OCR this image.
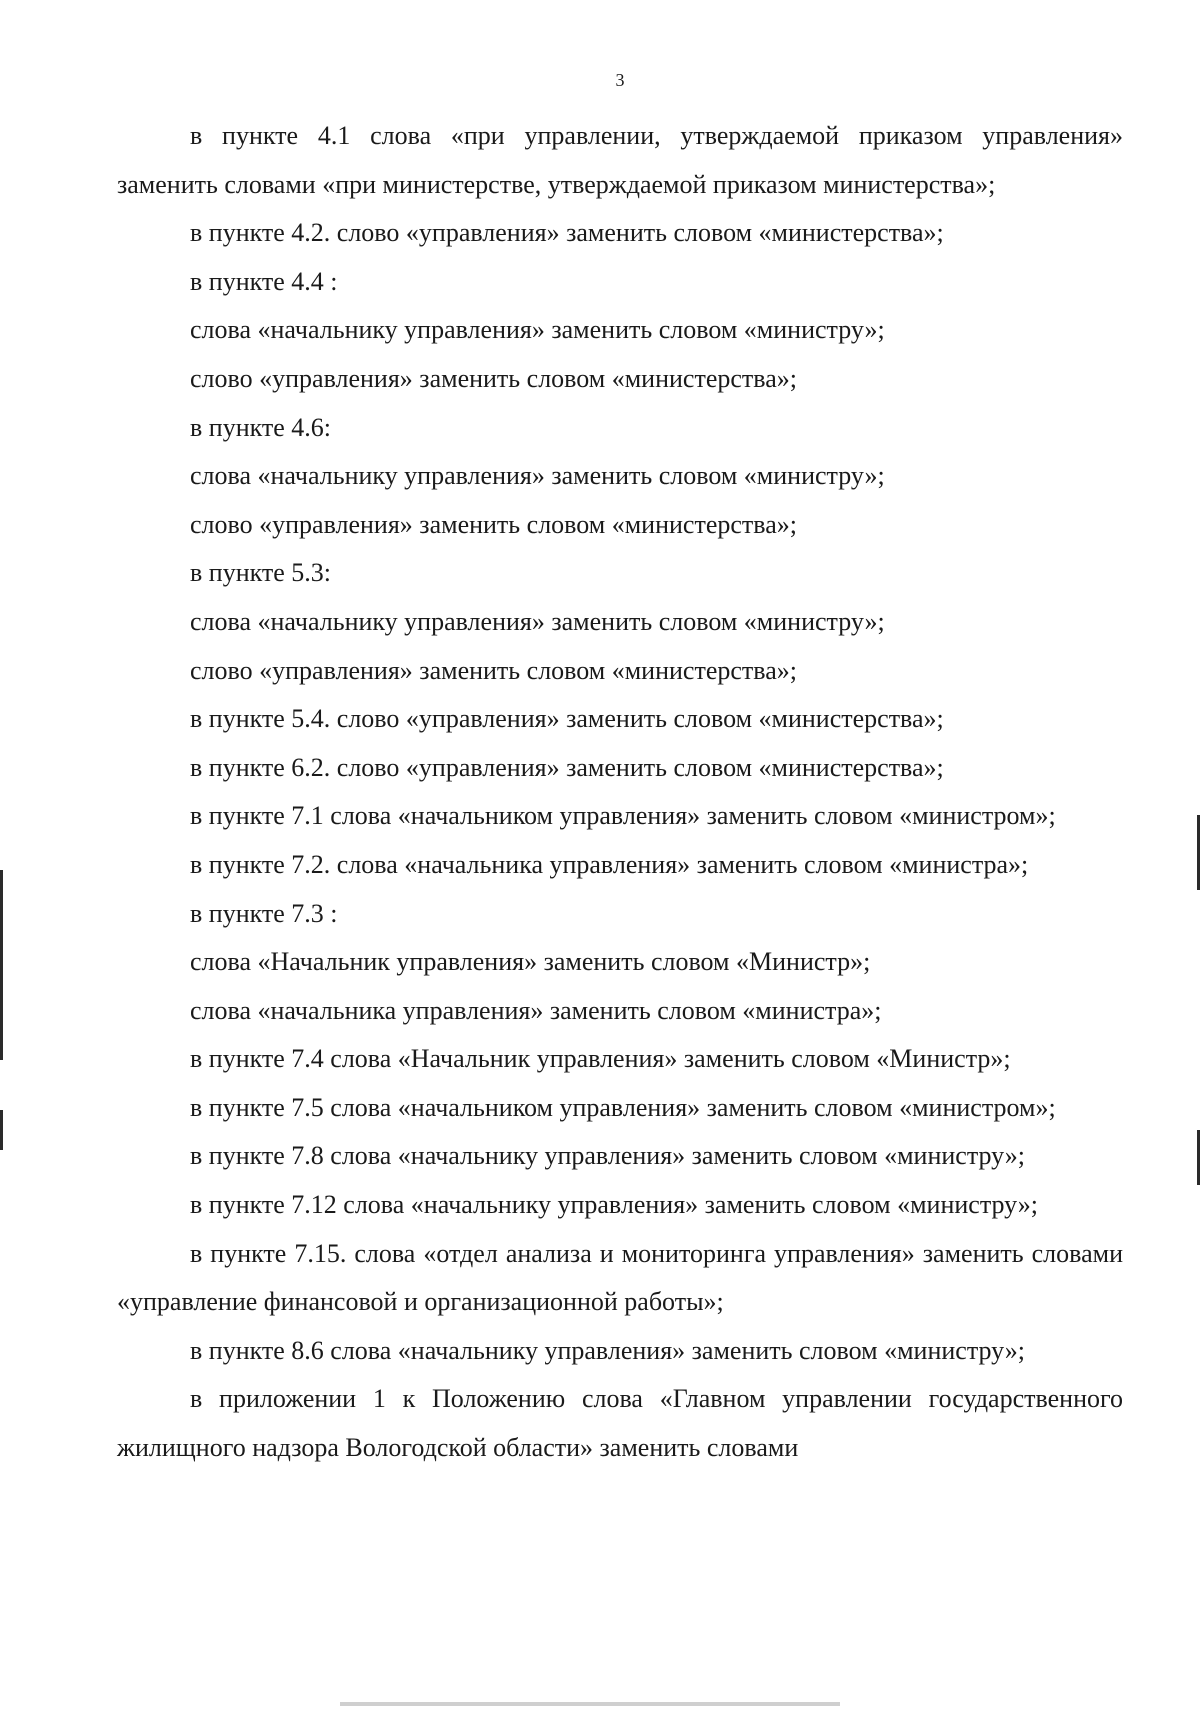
3

в пункте 4.1 слова «при управлении, утверждаемой приказом управления» заменить словами «при министерстве, утверждаемой приказом министерства»;

в пункте 4.2. слово «управления» заменить словом «министерства»;

в пункте 4.4 :

слова «начальнику управления» заменить словом «министру»;

слово «управления» заменить словом «министерства»;

в пункте 4.6:

слова «начальнику управления» заменить словом «министру»;

слово «управления» заменить словом «министерства»;

в пункте 5.3:

слова «начальнику управления» заменить словом «министру»;

слово «управления» заменить словом «министерства»;

в пункте 5.4. слово «управления» заменить словом «министерства»;

в пункте 6.2. слово «управления» заменить словом «министерства»;

в пункте 7.1 слова «начальником управления» заменить словом «министром»;

в пункте 7.2. слова «начальника управления» заменить словом «министра»;

в пункте 7.3 :

слова «Начальник управления» заменить словом «Министр»;

слова «начальника управления» заменить словом «министра»;

в пункте 7.4 слова «Начальник управления» заменить словом «Министр»;

в пункте 7.5 слова «начальником управления» заменить словом «министром»;

в пункте 7.8 слова «начальнику управления» заменить словом «министру»;

в пункте 7.12 слова «начальнику управления» заменить словом «министру»;

в пункте 7.15. слова «отдел анализа и мониторинга управления» заменить словами «управление финансовой и организационной работы»;

в пункте 8.6 слова «начальнику управления» заменить словом «министру»;

в приложении 1 к Положению слова «Главном управлении государственного жилищного надзора Вологодской области» заменить словами
